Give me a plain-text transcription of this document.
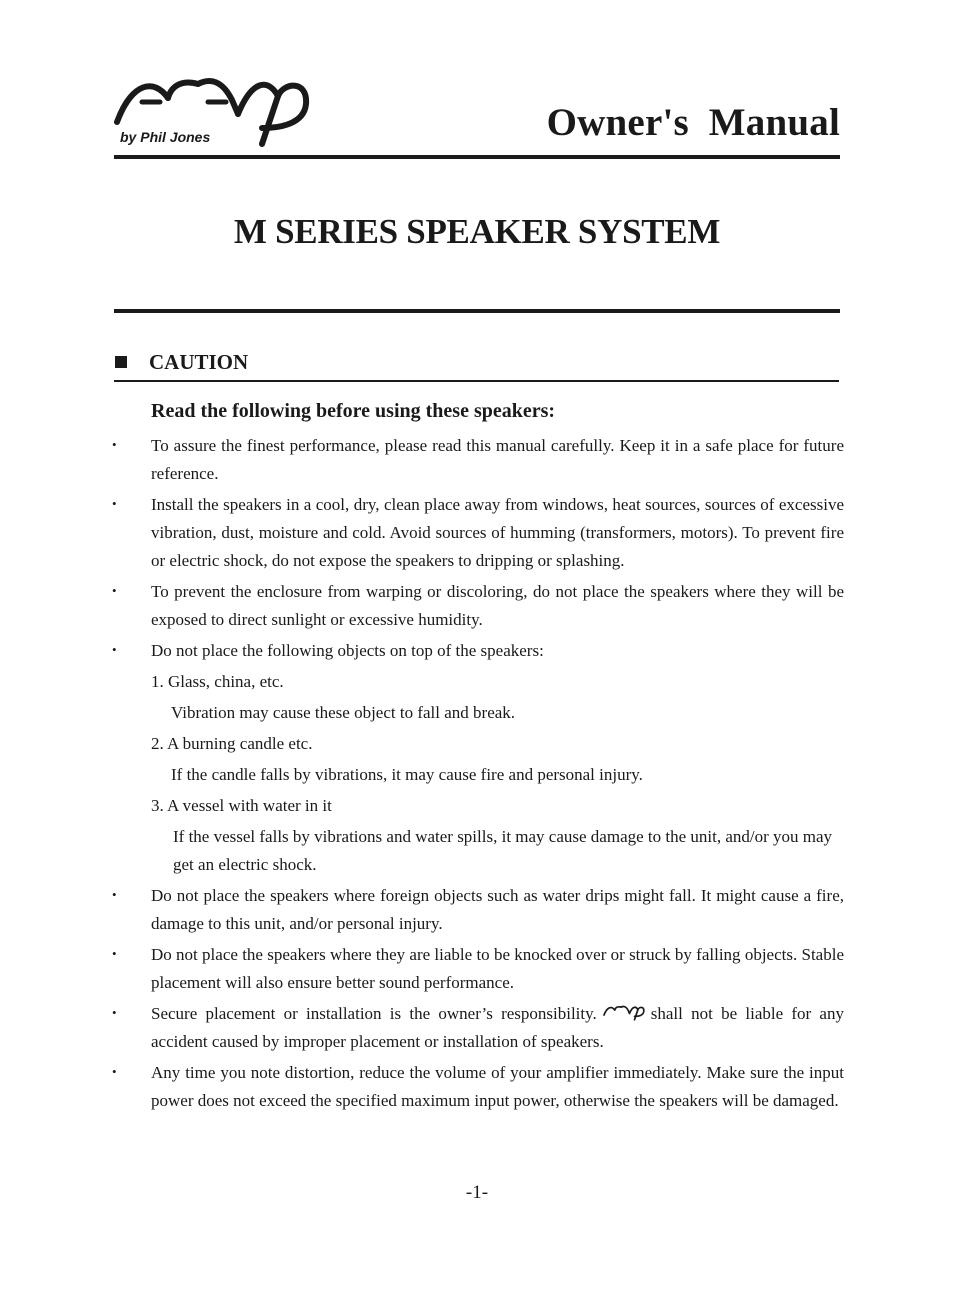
by Phil Jones	Owner's  Manual
M SERIES SPEAKER SYSTEM
CAUTION

Read the following before using these speakers:

• To assure the finest performance, please read this manual carefully. Keep it in a safe place for future reference.
• Install the speakers in a cool, dry, clean place away from windows, heat sources, sources of excessive vibration, dust, moisture and cold. Avoid sources of humming (transformers, motors). To prevent fire or electric shock, do not expose the speakers to dripping or splashing.
• To prevent the enclosure from warping or discoloring, do not place the speakers where they will be exposed to direct sunlight or excessive humidity.
• Do not place the following objects on top of the speakers:
1. Glass, china, etc.
Vibration may cause these object to fall and break.
2. A burning candle etc.
If the candle falls by vibrations, it may cause fire and personal injury.
3. A vessel with water in it
If the vessel falls by vibrations and water spills, it may cause damage to the unit, and/or you may get an electric shock.
• Do not place the speakers where foreign objects such as water drips might fall. It might cause a fire, damage to this unit, and/or personal injury.
• Do not place the speakers where they are liable to be knocked over or struck by falling objects. Stable placement will also ensure better sound performance.
• Secure placement or installation is the owner’s responsibility.	shall not be liable for any accident caused by improper placement or installation of speakers.
• Any time you note distortion, reduce the volume of your amplifier immediately. Make sure the input power does not exceed the specified maximum input power, otherwise the speakers will be damaged.
-1-
